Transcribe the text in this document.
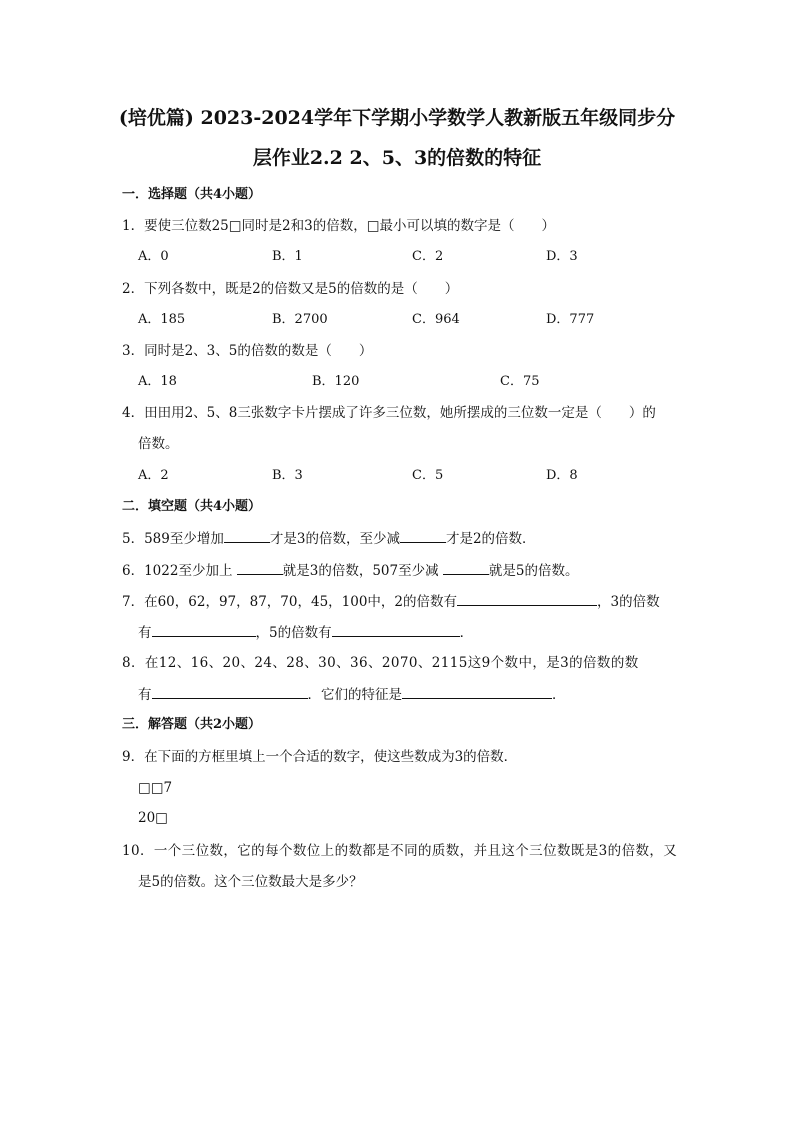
(培优篇) 2023-2024学年下学期小学数学人教新版五年级同步分
层作业2.2 2、5、3的倍数的特征
一．选择题（共4小题）
1．要使三位数25□同时是2和3的倍数，□最小可以填的数字是（　　）
A．0	B．1	C．2	D．3
2．下列各数中，既是2的倍数又是5的倍数的是（　　）
A．185	B．2700	C．964	D．777
3．同时是2、3、5的倍数的数是（　　）
A．18	B．120	C．75
4．田田用2、5、8三张数字卡片摆成了许多三位数，她所摆成的三位数一定是（　　）的
倍数。
A．2	B．3	C．5	D．8
二．填空题（共4小题）
5．589至少增加	才是3的倍数，至少减	才是2的倍数．
6．1022至少加上	就是3的倍数，507至少减	就是5的倍数。
7．在60，62，97，87，70，45，100中，2的倍数有	，3的倍数
有	，5的倍数有	．
8．在12、16、20、24、28、30、36、2070、2115这9个数中，是3的倍数的数
有	．它们的特征是	．
三．解答题（共2小题）
9．在下面的方框里填上一个合适的数字，使这些数成为3的倍数．
□□7
20□
10．一个三位数，它的每个数位上的数都是不同的质数，并且这个三位数既是3的倍数，又
是5的倍数。这个三位数最大是多少？
